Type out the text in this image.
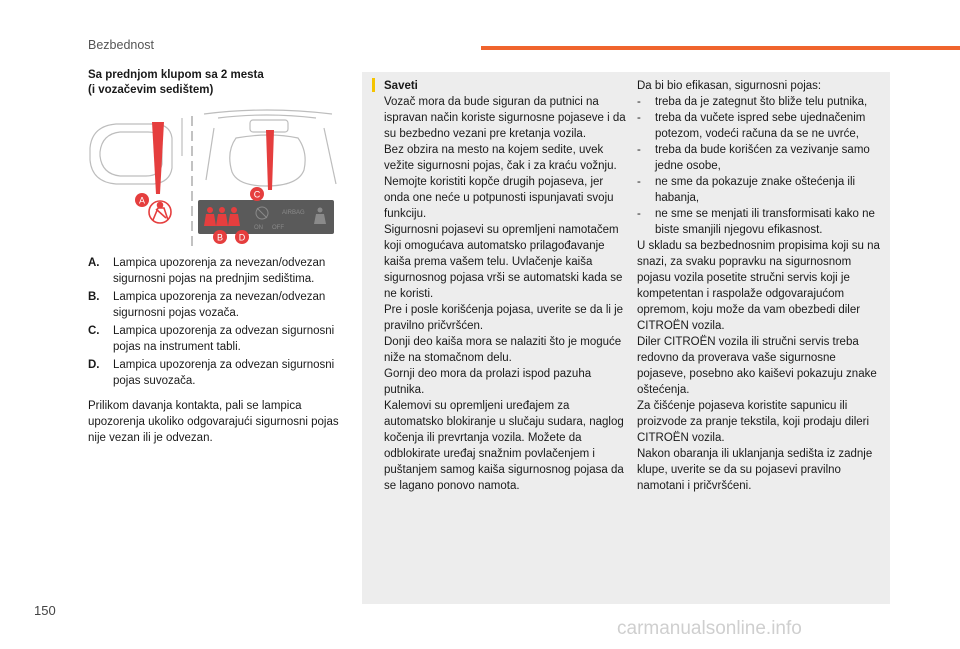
Bezbednost
Sa prednjom klupom sa 2 mesta
(i vozačevim sedištem)
AIRBAG
ON OFF
A
C
B D
A.	Lampica upozorenja za nevezan/odvezan sigurnosni pojas na prednjim sedištima.
B.	Lampica upozorenja za nevezan/odvezan sigurnosni pojas vozača.
C.	Lampica upozorenja za odvezan sigurnosni pojas na instrument tabli.
D.	Lampica upozorenja za odvezan sigurnosni pojas suvozača.

Prilikom davanja kontakta, pali se lampica upozorenja ukoliko odgovarajući sigurnosni pojas nije vezan ili je odvezan.

Saveti

Vozač mora da bude siguran da putnici na ispravan način koriste sigurnosne pojaseve i da su bezbedno vezani pre kretanja vozila.

Bez obzira na mesto na kojem sedite, uvek vežite sigurnosni pojas, čak i za kraću vožnju.

Nemojte koristiti kopče drugih pojaseva, jer onda one neće u potpunosti ispunjavati svoju funkciju.

Sigurnosni pojasevi su opremljeni namotačem koji omogućava automatsko prilagođavanje kaiša prema vašem telu. Uvlačenje kaiša sigurnosnog pojasa vrši se automatski kada se ne koristi.

Pre i posle korišćenja pojasa, uverite se da li je pravilno pričvršćen.

Donji deo kaiša mora se nalaziti što je moguće niže na stomačnom delu.

Gornji deo mora da prolazi ispod pazuha putnika.

Kalemovi su opremljeni uređajem za automatsko blokiranje u slučaju sudara, naglog kočenja ili prevrtanja vozila. Možete da odblokirate uređaj snažnim povlačenjem i puštanjem samog kaiša sigurnosnog pojasa da se lagano ponovo namota.

Da bi bio efikasan, sigurnosni pojas:

- treba da je zategnut što bliže telu putnika,
- treba da vučete ispred sebe ujednačenim potezom, vodeći računa da se ne uvrće,
- treba da bude korišćen za vezivanje samo jedne osobe,
- ne sme da pokazuje znake oštećenja ili habanja,
- ne sme se menjati ili transformisati kako ne biste smanjili njegovu efikasnost.

U skladu sa bezbednosnim propisima koji su na snazi, za svaku popravku na sigurnosnom pojasu vozila posetite stručni servis koji je kompetentan i raspolaže odgovarajućom opremom, koju može da vam obezbedi diler CITROËN vozila.

Diler CITROËN vozila ili stručni servis treba redovno da proverava vaše sigurnosne pojaseve, posebno ako kaiševi pokazuju znake oštećenja.

Za čišćenje pojaseva koristite sapunicu ili proizvode za pranje tekstila, koji prodaju dileri CITROËN vozila.

Nakon obaranja ili uklanjanja sedišta iz zadnje klupe, uverite se da su pojasevi pravilno namotani i pričvršćeni.

150
carmanualsonline.info
